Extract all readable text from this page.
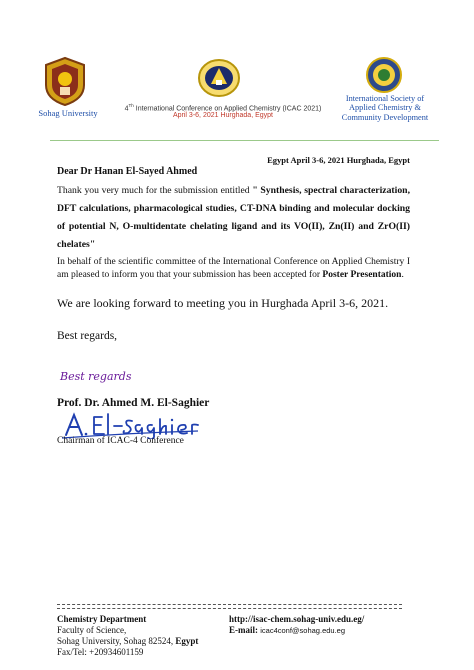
Sohag University	4Th International Conference on Applied Chemistry (ICAC 2021)
April 3-6, 2021 Hurghada, Egypt
International Society of Applied Chemistry & Community Development
Egypt April 3-6, 2021 Hurghada, Egypt
Dear Dr Hanan El-Sayed Ahmed
Thank you very much for the submission entitled " Synthesis, spectral characterization, DFT calculations, pharmacological studies, CT-DNA binding and molecular docking of potential N, O-multidentate chelating ligand and its VO(II), Zn(II) and ZrO(II) chelates"
In behalf of the scientific committee of the International Conference on Applied Chemistry I am pleased to inform you that your submission has been accepted for Poster Presentation.
We are looking forward to meeting you in Hurghada April 3-6, 2021.
Best regards,
Best regards
Prof. Dr. Ahmed M. El-Saghier
Chairman of ICAC-4 Conference
Chemistry Department
Faculty of Science,
Sohag University, Sohag 82524, Egypt
Fax/Tel: +20934601159
http://isac-chem.sohag-univ.edu.eg/
E-mail: icac4conf@sohag.edu.eg
